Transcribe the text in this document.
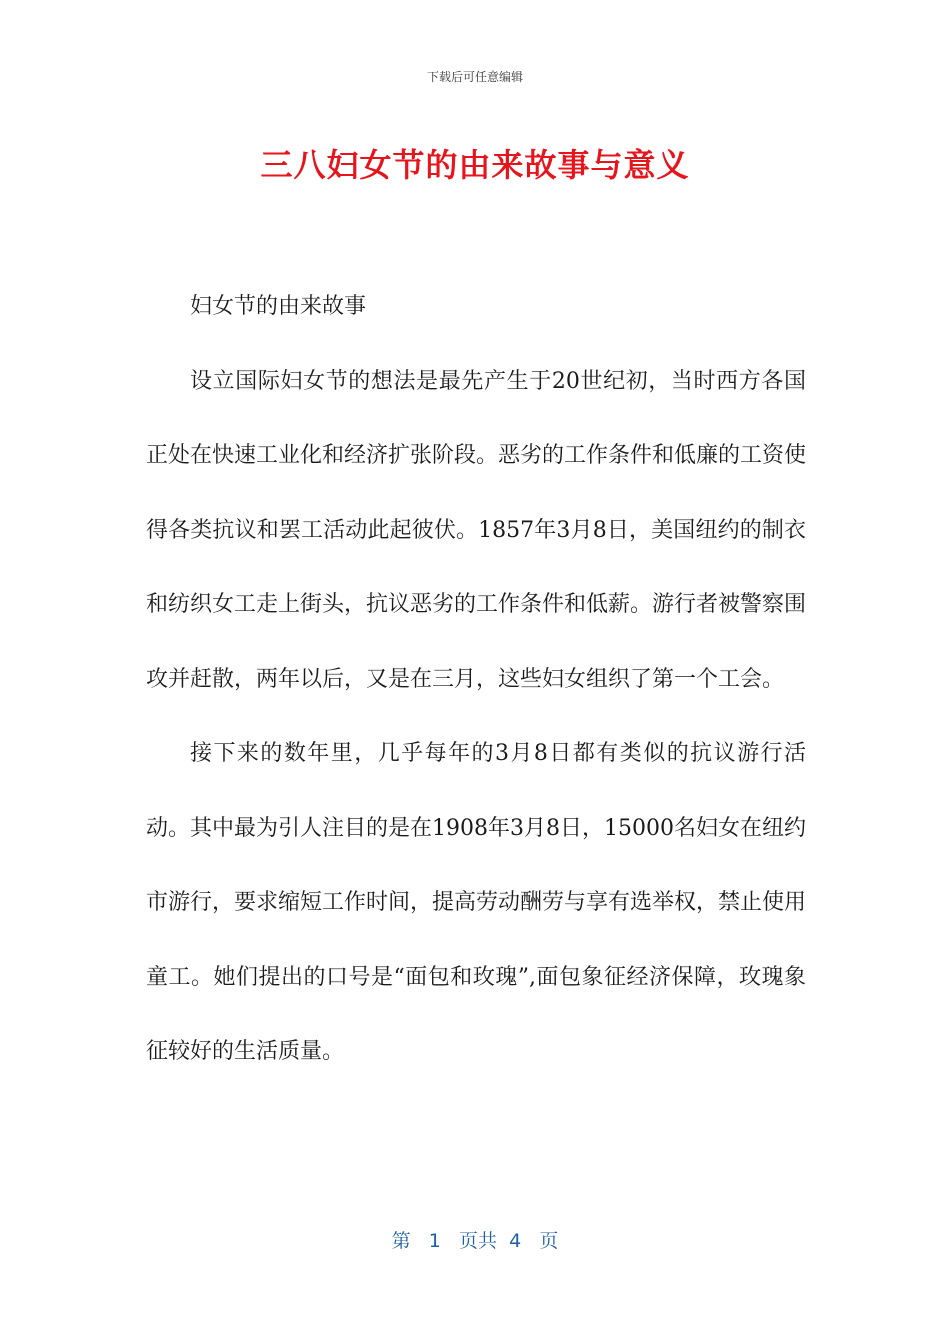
下载后可任意编辑
三八妇女节的由来故事与意义

妇女节的由来故事

设立国际妇女节的想法是最先产生于20世纪初，当时西方各国正处在快速工业化和经济扩张阶段。恶劣的工作条件和低廉的工资使得各类抗议和罢工活动此起彼伏。1857年3月8日，美国纽约的制衣和纺织女工走上街头，抗议恶劣的工作条件和低薪。游行者被警察围攻并赶散，两年以后，又是在三月，这些妇女组织了第一个工会。

接下来的数年里，几乎每年的3月8日都有类似的抗议游行活动。其中最为引人注目的是在1908年3月8日，15000名妇女在纽约市游行，要求缩短工作时间，提高劳动酬劳与享有选举权，禁止使用童工。她们提出的口号是“面包和玫瑰”,面包象征经济保障，玫瑰象征较好的生活质量。

第 1 页共 4 页
